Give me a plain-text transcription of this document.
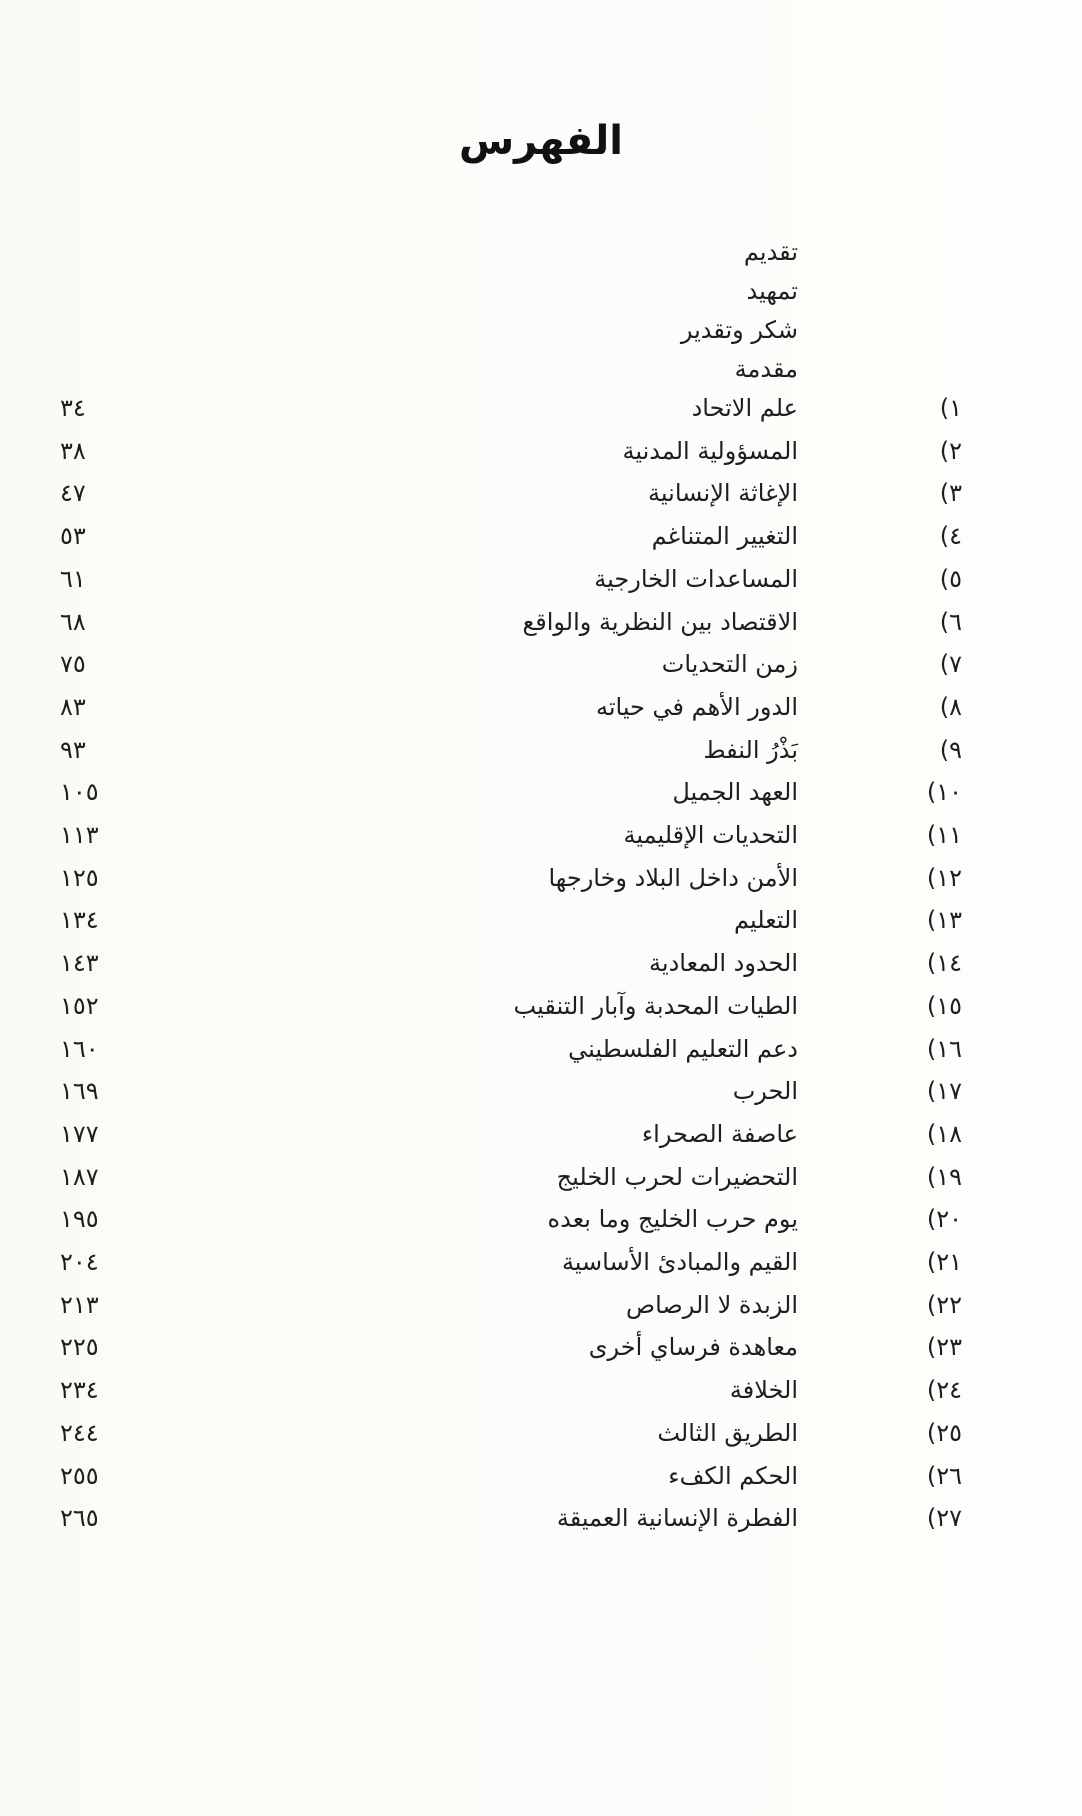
الفهرس
تقديم
تمهيد
شكر وتقدير
مقدمة
١)
علم الاتحاد
٣٤
٢)
المسؤولية المدنية
٣٨
٣)
الإغاثة الإنسانية
٤٧
٤)
التغيير المتناغم
٥٣
٥)
المساعدات الخارجية
٦١
٦)
الاقتصاد بين النظرية والواقع
٦٨
٧)
زمن التحديات
٧٥
٨)
الدور الأهم في حياته
٨٣
٩)
بَذْرُ النفط
٩٣
١٠)
العهد الجميل
١٠٥
١١)
التحديات الإقليمية
١١٣
١٢)
الأمن داخل البلاد وخارجها
١٢٥
١٣)
التعليم
١٣٤
١٤)
الحدود المعادية
١٤٣
١٥)
الطيات المحدبة وآبار التنقيب
١٥٢
١٦)
دعم التعليم الفلسطيني
١٦٠
١٧)
الحرب
١٦٩
١٨)
عاصفة الصحراء
١٧٧
١٩)
التحضيرات لحرب الخليج
١٨٧
٢٠)
يوم حرب الخليج وما بعده
١٩٥
٢١)
القيم والمبادئ الأساسية
٢٠٤
٢٢)
الزبدة لا الرصاص
٢١٣
٢٣)
معاهدة فرساي أخرى
٢٢٥
٢٤)
الخلافة
٢٣٤
٢٥)
الطريق الثالث
٢٤٤
٢٦)
الحكم الكفء
٢٥٥
٢٧)
الفطرة الإنسانية العميقة
٢٦٥
